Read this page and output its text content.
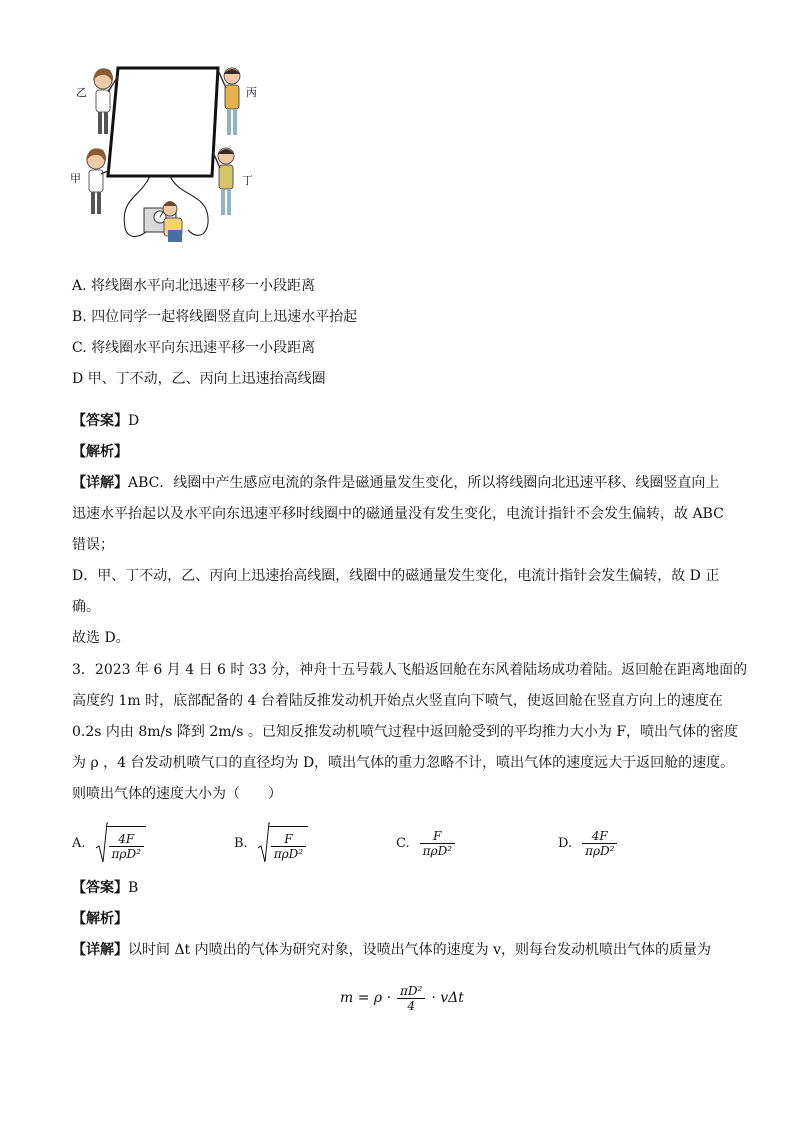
乙	丙
甲	丁
A. 将线圈水平向北迅速平移一小段距离
B. 四位同学一起将线圈竖直向上迅速水平抬起
C. 将线圈水平向东迅速平移一小段距离
D 甲、丁不动，乙、丙向上迅速抬高线圈
【答案】D
【解析】
【详解】ABC．线圈中产生感应电流的条件是磁通量发生变化，所以将线圈向北迅速平移、线圈竖直向上
迅速水平抬起以及水平向东迅速平移时线圈中的磁通量没有发生变化，电流计指针不会发生偏转，故 ABC
错误；
D．甲、丁不动，乙、丙向上迅速抬高线圈，线圈中的磁通量发生变化，电流计指针会发生偏转，故 D 正
确。
故选 D。
3．2023 年 6 月 4 日 6 时 33 分，神舟十五号载人飞船返回舱在东风着陆场成功着陆。返回舱在距离地面的
高度约 1m 时，底部配备的 4 台着陆反推发动机开始点火竖直向下喷气，使返回舱在竖直方向上的速度在
0.2s 内由 8m/s 降到 2m/s 。已知反推发动机喷气过程中返回舱受到的平均推力大小为 F，喷出气体的密度
为 ρ ，4 台发动机喷气口的直径均为 D，喷出气体的重力忽略不计，喷出气体的速度远大于返回舱的速度。
则喷出气体的速度大小为（　　）
A. $\frac{4F}{\text{πρD²}}$	B. $\frac{F}{\text{πρD²}}$	C. $\frac{F}{\text{πρD²}}$	D. $\frac{4F}{\text{πρD²}}$
【答案】B
【解析】
【详解】以时间 Δt 内喷出的气体为研究对象，设喷出气体的速度为 v，则每台发动机喷出气体的质量为
$m = \rho \cdot \frac{\text{πD²}}{4} \cdot v\Delta t$
